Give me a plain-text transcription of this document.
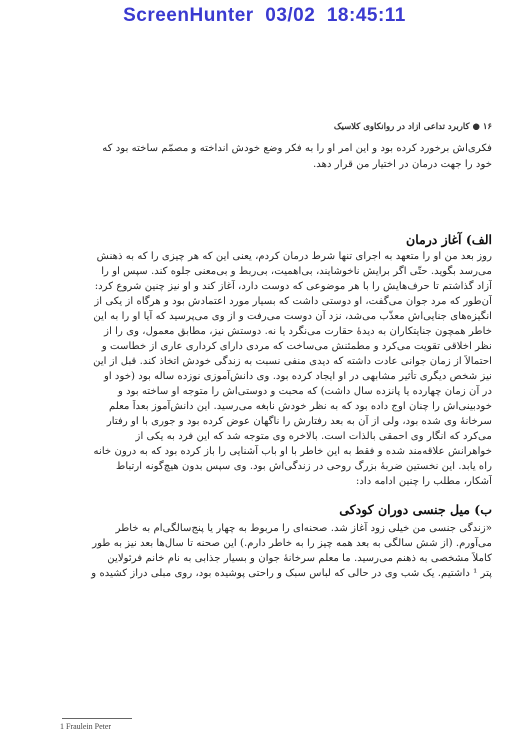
ScreenHunter  03/02  18:45:11
۱۶ ● کاربرد تداعی آزاد در روانکاوی کلاسیک
فکری‌اش برخورد کرده بود و این امر او را به فکر وضع خودش انداخته و مصمّم ساخته بود که
خود را جهت درمان در اختیار من قرار دهد.
الف) آغاز درمان
روز بعد من او را متعهد به اجرای تنها شرط درمان کردم، یعنی این که هر چیزی را که به ذهنش
می‌رسد بگوید. حتّی اگر برایش ناخوشایند، بی‌اهمیت، بی‌ربط و بی‌معنی جلوه کند. سپس او را
آزاد گذاشتم تا حرف‌هایش را با هر موضوعی که دوست دارد، آغاز کند و او نیز چنین شروع کرد:
آن‌طور که مرد جوان می‌گفت، او دوستی داشت که بسیار مورد اعتمادش بود و هرگاه از یکی از
انگیزه‌های جنایی‌اش معذّب می‌شد، نزد آن دوست می‌رفت و از وی می‌پرسید که آیا او را به این
خاطر همچون جنایتکاران به دیدهٔ حقارت می‌نگرد یا نه. دوستش نیز، مطابق معمول، وی را از
نظر اخلاقی تقویت می‌کرد و مطمئنش می‌ساخت که مردی دارای کرداری عاری از خطاست و
احتمالاً از زمان جوانی عادت داشته که دیدی منفی نسبت به زندگی خودش اتخاذ کند. قبل از این
نیز شخص دیگری تأثیر مشابهی در او ایجاد کرده بود. وی دانش‌آموزی نوزده ساله بود (خود او
در آن زمان چهارده یا پانزده سال داشت) که محبت و دوستی‌اش را متوجه او ساخته بود و
خودبینی‌اش را چنان اوج داده بود که به نظر خودش نابغه می‌رسید. این دانش‌آموز بعداً معلم
سرخانهٔ وی شده بود، ولی از آن به بعد رفتارش را ناگهان عوض کرده بود و جوری با او رفتار
می‌کرد که انگار وی احمقی بالذات است. بالاخره وی متوجه شد که این فرد به یکی از
خواهرانش علاقه‌مند شده و فقط به این خاطر با او باب آشنایی را باز کرده بود که به درون خانه
راه یابد. این نخستین ضربهٔ بزرگ روحی در زندگی‌اش بود. وی سپس بدون هیچ‌گونه ارتباط
آشکار، مطلب را چنین ادامه داد:
ب) میل جنسی دوران کودکی
«زندگی جنسی من خیلی زود آغاز شد. صحنه‌ای را مربوط به چهار یا پنج‌سالگی‌ام به خاطر
می‌آورم. (از شش سالگی به بعد همه چیز را به خاطر دارم.) این صحنه تا سال‌ها بعد نیز به طور
کاملاً مشخصی به ذهنم می‌رسید. ما معلم سرخانهٔ جوان و بسیار جذابی به نام خانم فرئولاین
پتر ¹ داشتیم. یک شب وی در حالی که لباس سبک و راحتی پوشیده بود، روی مبلی دراز کشیده و
1 Fraulein Peter
